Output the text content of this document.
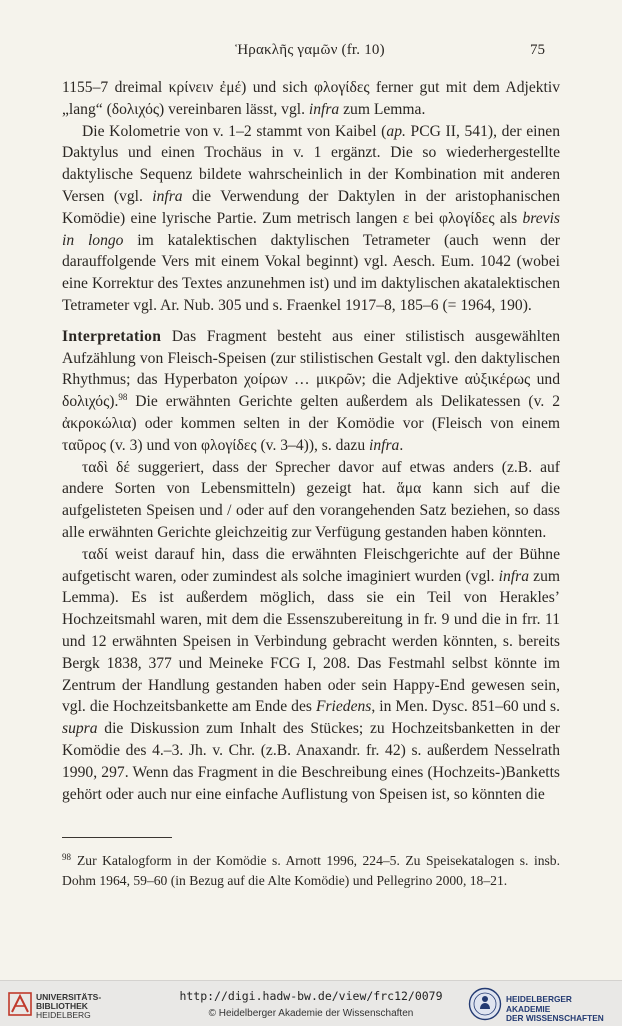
Ἡρακλῆς γαμῶν (fr. 10)	75

1155–7 dreimal κρίνειν ἐμέ) und sich φλογίδες ferner gut mit dem Adjektiv „lang“ (δολιχός) vereinbaren lässt, vgl. infra zum Lemma.

Die Kolometrie von v. 1–2 stammt von Kaibel (ap. PCG II, 541), der einen Daktylus und einen Trochäus in v. 1 ergänzt. Die so wiederhergestellte daktylische Sequenz bildete wahrscheinlich in der Kombination mit anderen Versen (vgl. infra die Verwendung der Daktylen in der aristophanischen Komödie) eine lyrische Partie. Zum metrisch langen ε bei φλογίδες als brevis in longo im katalektischen daktylischen Tetrameter (auch wenn der darauffolgende Vers mit einem Vokal beginnt) vgl. Aesch. Eum. 1042 (wobei eine Korrektur des Textes anzunehmen ist) und im daktylischen akatalektischen Tetrameter vgl. Ar. Nub. 305 und s. Fraenkel 1917–8, 185–6 (= 1964, 190).

Interpretation Das Fragment besteht aus einer stilistisch ausgewählten Aufzählung von Fleisch-Speisen (zur stilistischen Gestalt vgl. den daktylischen Rhythmus; das Hyperbaton χοίρων … μικρῶν; die Adjektive αὐξικέρως und δολιχός).$^{98}$ Die erwähnten Gerichte gelten außerdem als Delikatessen (v. 2 ἀκροκώλια) oder kommen selten in der Komödie vor (Fleisch von einem ταῦρος (v. 3) und von φλογίδες (v. 3–4)), s. dazu infra.

ταδὶ δέ suggeriert, dass der Sprecher davor auf etwas anders (z.B. auf andere Sorten von Lebensmitteln) gezeigt hat. ἅμα kann sich auf die aufgelisteten Speisen und / oder auf den vorangehenden Satz beziehen, so dass alle erwähnten Gerichte gleichzeitig zur Verfügung gestanden haben könnten.

ταδί weist darauf hin, dass die erwähnten Fleischgerichte auf der Bühne aufgetischt waren, oder zumindest als solche imaginiert wurden (vgl. infra zum Lemma). Es ist außerdem möglich, dass sie ein Teil von Herakles’ Hochzeitsmahl waren, mit dem die Essenszubereitung in fr. 9 und die in frr. 11 und 12 erwähnten Speisen in Verbindung gebracht werden könnten, s. bereits Bergk 1838, 377 und Meineke FCG I, 208. Das Festmahl selbst könnte im Zentrum der Handlung gestanden haben oder sein Happy-End gewesen sein, vgl. die Hochzeitsbankette am Ende des Friedens, in Men. Dysc. 851–60 und s. supra die Diskussion zum Inhalt des Stückes; zu Hochzeitsbanketten in der Komödie des 4.–3. Jh. v. Chr. (z.B. Anaxandr. fr. 42) s. außerdem Nesselrath 1990, 297. Wenn das Fragment in die Beschreibung eines (Hochzeits-)Banketts gehört oder auch nur eine einfache Auflistung von Speisen ist, so könnten die

$^{98}$ Zur Katalogform in der Komödie s. Arnott 1996, 224–5. Zu Speisekatalogen s. insb. Dohm 1964, 59–60 (in Bezug auf die Alte Komödie) und Pellegrino 2000, 18–21.
UNIVERSITÄTS-
BIBLIOTHEK
HEIDELBERG
http://digi.hadw-bw.de/view/frc12/0079
© Heidelberger Akademie der Wissenschaften
HEIDELBERGER AKADEMIE
DER WISSENSCHAFTEN
